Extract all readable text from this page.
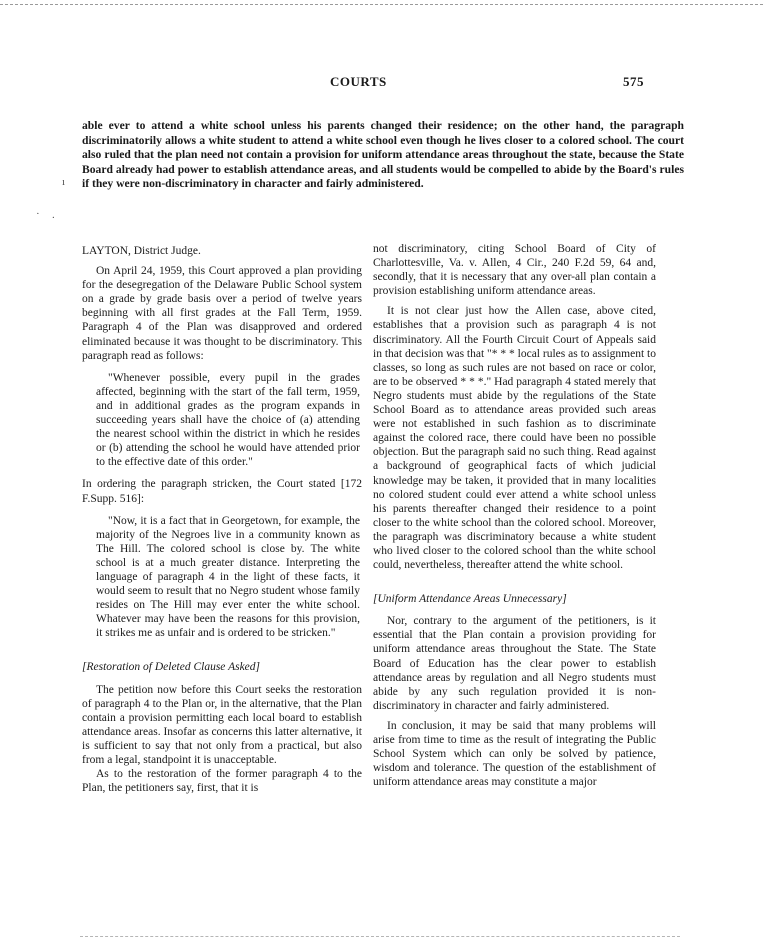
COURTS	575
ı
· ∙
able ever to attend a white school unless his parents changed their residence; on the other hand, the paragraph discriminatorily allows a white student to attend a white school even though he lives closer to a colored school. The court also ruled that the plan need not contain a provision for uniform attendance areas throughout the state, because the State Board already had power to establish attendance areas, and all students would be compelled to abide by the Board's rules if they were non-discriminatory in character and fairly administered.

LAYTON, District Judge.

On April 24, 1959, this Court approved a plan providing for the desegregation of the Delaware Public School system on a grade by grade basis over a period of twelve years beginning with all first grades at the Fall Term, 1959. Paragraph 4 of the Plan was disapproved and ordered eliminated because it was thought to be discriminatory. This paragraph read as follows:

"Whenever possible, every pupil in the grades affected, beginning with the start of the fall term, 1959, and in additional grades as the program expands in succeeding years shall have the choice of (a) attending the nearest school within the district in which he resides or (b) attending the school he would have attended prior to the effective date of this order."

In ordering the paragraph stricken, the Court stated [172 F.Supp. 516]:

"Now, it is a fact that in Georgetown, for example, the majority of the Negroes live in a community known as The Hill. The colored school is close by. The white school is at a much greater distance. Interpreting the language of paragraph 4 in the light of these facts, it would seem to result that no Negro student whose family resides on The Hill may ever enter the white school. Whatever may have been the reasons for this provision, it strikes me as unfair and is ordered to be stricken."

[Restoration of Deleted Clause Asked]

The petition now before this Court seeks the restoration of paragraph 4 to the Plan or, in the alternative, that the Plan contain a provision permitting each local board to establish attendance areas. Insofar as concerns this latter alternative, it is sufficient to say that not only from a practical, but also from a legal, standpoint it is unacceptable.

As to the restoration of the former paragraph 4 to the Plan, the petitioners say, first, that it is

not discriminatory, citing School Board of City of Charlottesville, Va. v. Allen, 4 Cir., 240 F.2d 59, 64 and, secondly, that it is necessary that any over-all plan contain a provision establishing uniform attendance areas.

It is not clear just how the Allen case, above cited, establishes that a provision such as paragraph 4 is not discriminatory. All the Fourth Circuit Court of Appeals said in that decision was that "* * * local rules as to assignment to classes, so long as such rules are not based on race or color, are to be observed * * *." Had paragraph 4 stated merely that Negro students must abide by the regulations of the State School Board as to attendance areas provided such areas were not established in such fashion as to discriminate against the colored race, there could have been no possible objection. But the paragraph said no such thing. Read against a background of geographical facts of which judicial knowledge may be taken, it provided that in many localities no colored student could ever attend a white school unless his parents thereafter changed their residence to a point closer to the white school than the colored school. Moreover, the paragraph was discriminatory because a white student who lived closer to the colored school than the white school could, nevertheless, thereafter attend the white school.

[Uniform Attendance Areas Unnecessary]

Nor, contrary to the argument of the petitioners, is it essential that the Plan contain a provision providing for uniform attendance areas throughout the State. The State Board of Education has the clear power to establish attendance areas by regulation and all Negro students must abide by any such regulation provided it is non-discriminatory in character and fairly administered.

In conclusion, it may be said that many problems will arise from time to time as the result of integrating the Public School System which can only be solved by patience, wisdom and tolerance. The question of the establishment of uniform attendance areas may constitute a major
